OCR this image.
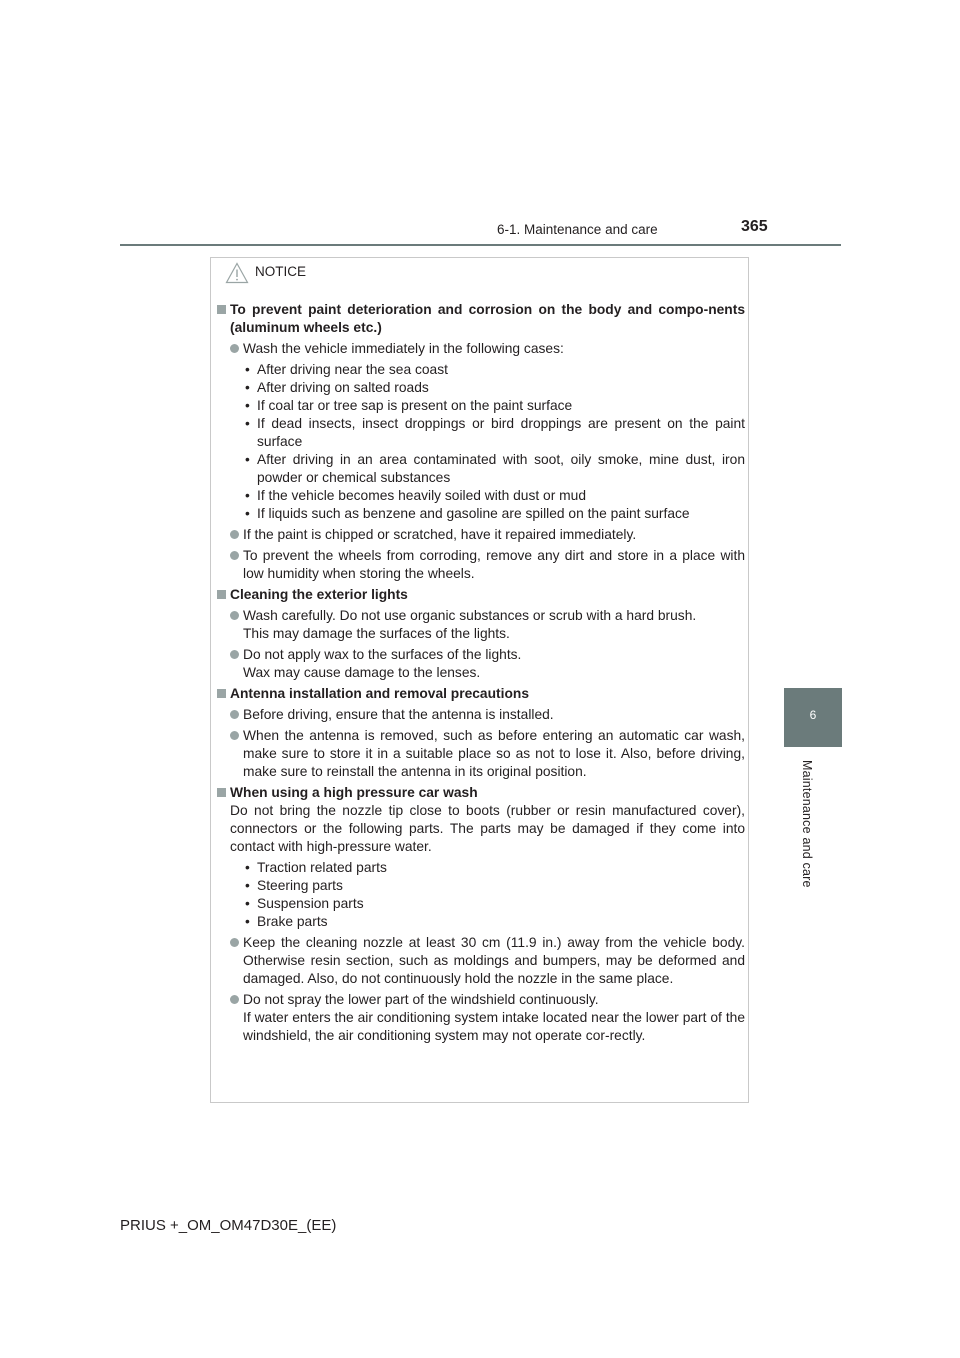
6-1. Maintenance and care	365
6
Maintenance and care
NOTICE
To prevent paint deterioration and corrosion on the body and compo-nents (aluminum wheels etc.)
Wash the vehicle immediately in the following cases:
• After driving near the sea coast
• After driving on salted roads
• If coal tar or tree sap is present on the paint surface
• If dead insects, insect droppings or bird droppings are present on the paint surface
• After driving in an area contaminated with soot, oily smoke, mine dust, iron powder or chemical substances
• If the vehicle becomes heavily soiled with dust or mud
• If liquids such as benzene and gasoline are spilled on the paint surface
If the paint is chipped or scratched, have it repaired immediately.
To prevent the wheels from corroding, remove any dirt and store in a place with low humidity when storing the wheels.
Cleaning the exterior lights
Wash carefully. Do not use organic substances or scrub with a hard brush.
This may damage the surfaces of the lights.
Do not apply wax to the surfaces of the lights.
Wax may cause damage to the lenses.
Antenna installation and removal precautions
Before driving, ensure that the antenna is installed.
When the antenna is removed, such as before entering an automatic car wash, make sure to store it in a suitable place so as not to lose it. Also, before driving, make sure to reinstall the antenna in its original position.
When using a high pressure car wash
Do not bring the nozzle tip close to boots (rubber or resin manufactured cover), connectors or the following parts. The parts may be damaged if they come into contact with high-pressure water.
• Traction related parts
• Steering parts
• Suspension parts
• Brake parts
Keep the cleaning nozzle at least 30 cm (11.9 in.) away from the vehicle body. Otherwise resin section, such as moldings and bumpers, may be deformed and damaged. Also, do not continuously hold the nozzle in the same place.
Do not spray the lower part of the windshield continuously.
If water enters the air conditioning system intake located near the lower part of the windshield, the air conditioning system may not operate cor-rectly.
PRIUS +_OM_OM47D30E_(EE)
